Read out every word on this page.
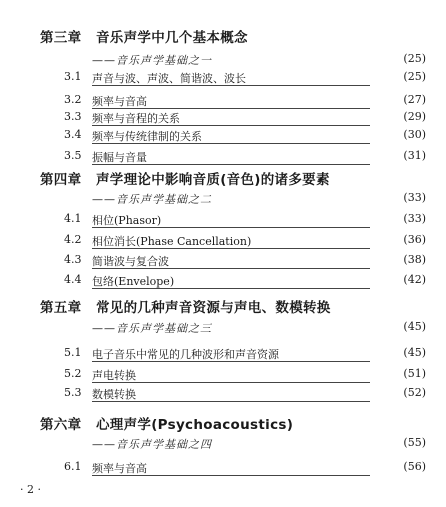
第三章 音乐声学中几个基本概念
——音乐声学基础之一	(25)
3.1 声音与波、声波、简谐波、波长	(25)
3.2 频率与音高	(27)
3.3 频率与音程的关系	(29)
3.4 频率与传统律制的关系	(30)
3.5 振幅与音量	(31)
第四章 声学理论中影响音质(音色)的诸多要素
——音乐声学基础之二	(33)
4.1 相位(Phasor)	(33)
4.2 相位消长(Phase Cancellation)	(36)
4.3 简谐波与复合波	(38)
4.4 包络(Envelope)	(42)
第五章 常见的几种声音资源与声电、数模转换
——音乐声学基础之三	(45)
5.1 电子音乐中常见的几种波形和声音资源	(45)
5.2 声电转换	(51)
5.3 数模转换	(52)
第六章 心理声学(Psychoacoustics)
——音乐声学基础之四	(55)
6.1 频率与音高	(56)
· 2 ·
